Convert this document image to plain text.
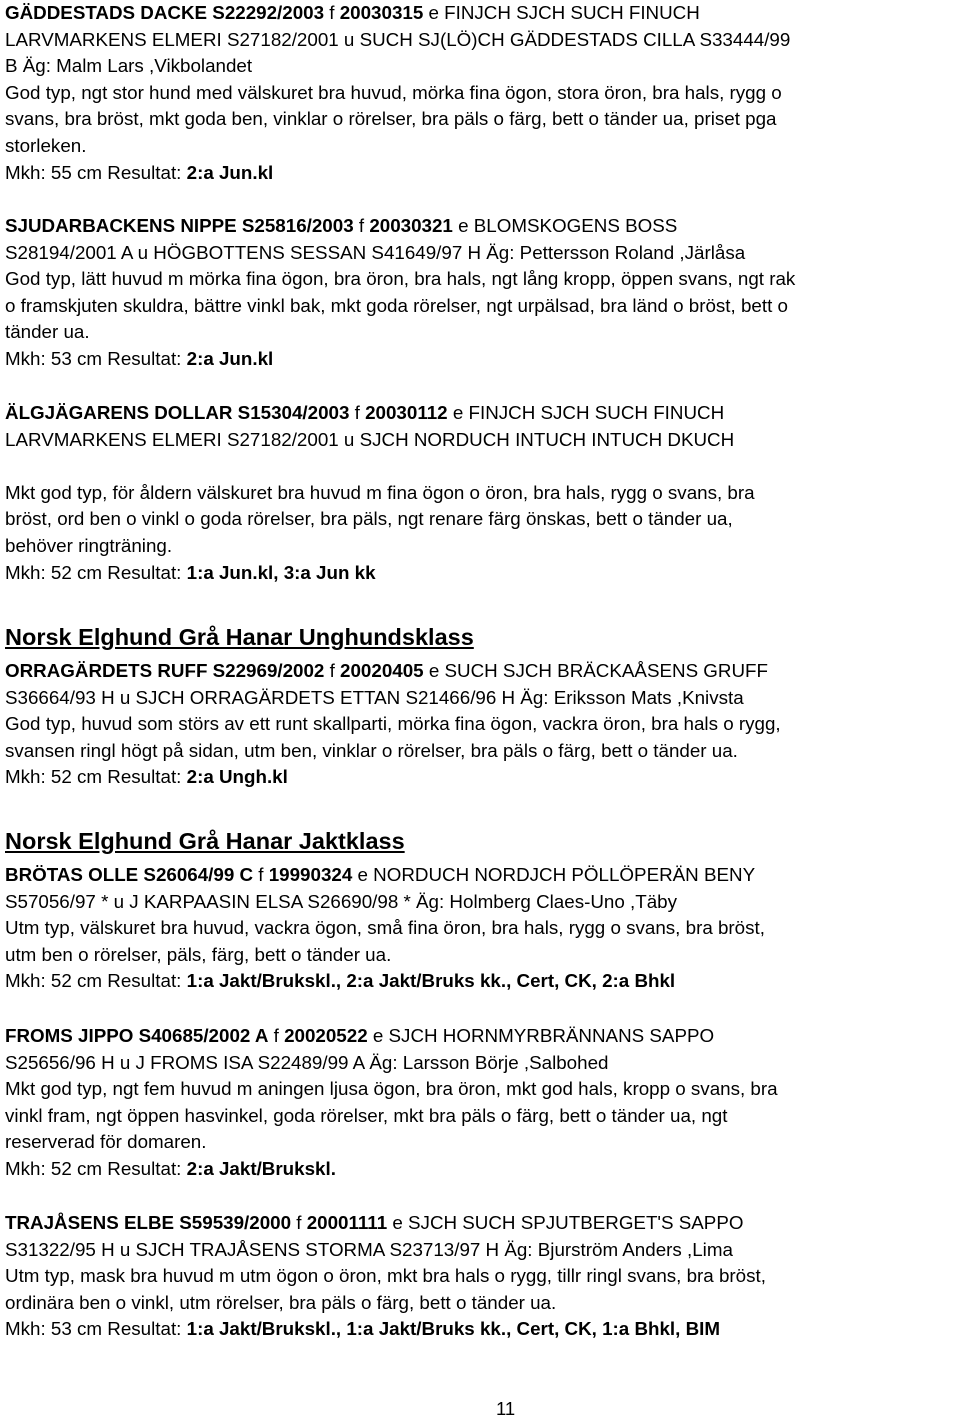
GÄDDESTADS DACKE S22292/2003 f 20030315 e FINJCH SJCH SUCH FINUCH
LARVMARKENS ELMERI S27182/2001 u SUCH SJ(LÖ)CH GÄDDESTADS CILLA S33444/99
B Äg: Malm Lars ,Vikbolandet
God typ, ngt stor hund med välskuret bra huvud, mörka fina ögon, stora öron, bra hals, rygg o
svans, bra bröst, mkt goda ben, vinklar o rörelser, bra päls o färg, bett o tänder ua, priset pga
storleken.
Mkh: 55 cm Resultat: 2:a Jun.kl
SJUDARBACKENS NIPPE S25816/2003 f 20030321 e BLOMSKOGENS BOSS
S28194/2001 A u HÖGBOTTENS SESSAN S41649/97 H Äg: Pettersson Roland ,Järlåsa
God typ, lätt huvud m mörka fina ögon, bra öron, bra hals, ngt lång kropp, öppen svans, ngt rak
o framskjuten skuldra, bättre vinkl bak, mkt goda rörelser, ngt urpälsad, bra länd o bröst, bett o
tänder ua.
Mkh: 53 cm Resultat: 2:a Jun.kl
ÄLGJÄGARENS DOLLAR S15304/2003 f 20030112 e FINJCH SJCH SUCH FINUCH
LARVMARKENS ELMERI S27182/2001 u SJCH NORDUCH INTUCH INTUCH DKUCH

Mkt god typ, för åldern välskuret bra huvud m fina ögon o öron, bra hals, rygg o svans, bra
bröst, ord ben o vinkl o goda rörelser, bra päls, ngt renare färg önskas, bett o tänder ua,
behöver ringträning.
Mkh: 52 cm Resultat: 1:a Jun.kl, 3:a Jun kk
Norsk Elghund Grå Hanar Unghundsklass
ORRAGÄRDETS RUFF S22969/2002 f 20020405 e SUCH SJCH BRÄCKAÅSENS GRUFF
S36664/93 H u SJCH ORRAGÄRDETS ETTAN S21466/96 H Äg: Eriksson Mats ,Knivsta
God typ, huvud som störs av ett runt skallparti, mörka fina ögon, vackra öron, bra hals o rygg,
svansen ringl högt på sidan, utm ben, vinklar o rörelser, bra päls o färg, bett o tänder ua.
Mkh: 52 cm Resultat: 2:a Ungh.kl
Norsk Elghund Grå Hanar Jaktklass
BRÖTAS OLLE S26064/99 C f 19990324 e NORDUCH NORDJCH PÖLLÖPERÄN BENY
S57056/97 * u J KARPAASIN ELSA S26690/98 * Äg: Holmberg Claes-Uno ,Täby
Utm typ, välskuret bra huvud, vackra ögon, små fina öron, bra hals, rygg o svans, bra bröst,
utm ben o rörelser, päls, färg, bett o tänder ua.
Mkh: 52 cm Resultat: 1:a Jakt/Brukskl., 2:a Jakt/Bruks kk., Cert, CK, 2:a Bhkl
FROMS JIPPO S40685/2002 A f 20020522 e SJCH HORNMYRBRÄNNANS SAPPO
S25656/96 H u J FROMS ISA S22489/99 A Äg: Larsson Börje ,Salbohed
Mkt god typ, ngt fem huvud m aningen ljusa ögon, bra öron, mkt god hals, kropp o svans, bra
vinkl fram, ngt öppen hasvinkel, goda rörelser, mkt bra päls o färg, bett o tänder ua, ngt
reserverad för domaren.
Mkh: 52 cm Resultat: 2:a Jakt/Brukskl.
TRAJÅSENS ELBE S59539/2000 f 20001111 e SJCH SUCH SPJUTBERGET'S SAPPO
S31322/95 H u SJCH TRAJÅSENS STORMA S23713/97 H Äg: Bjurström Anders ,Lima
Utm typ, mask bra huvud m utm ögon o öron, mkt bra hals o rygg, tillr ringl svans, bra bröst,
ordinära ben o vinkl, utm rörelser, bra päls o färg, bett o tänder ua.
Mkh: 53 cm Resultat: 1:a Jakt/Brukskl., 1:a Jakt/Bruks kk., Cert, CK, 1:a Bhkl, BIM
11
